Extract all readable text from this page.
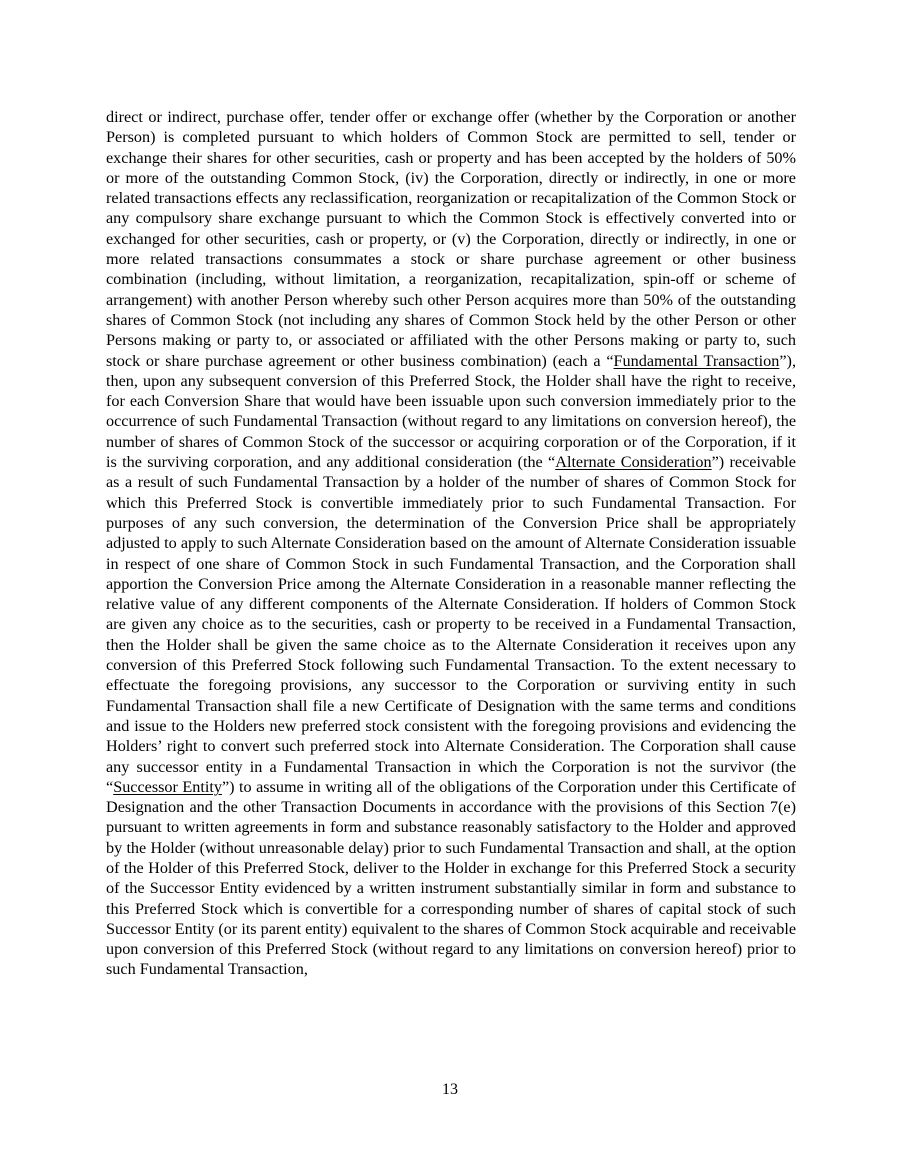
direct or indirect, purchase offer, tender offer or exchange offer (whether by the Corporation or another Person) is completed pursuant to which holders of Common Stock are permitted to sell, tender or exchange their shares for other securities, cash or property and has been accepted by the holders of 50% or more of the outstanding Common Stock, (iv) the Corporation, directly or indirectly, in one or more related transactions effects any reclassification, reorganization or recapitalization of the Common Stock or any compulsory share exchange pursuant to which the Common Stock is effectively converted into or exchanged for other securities, cash or property, or (v) the Corporation, directly or indirectly, in one or more related transactions consummates a stock or share purchase agreement or other business combination (including, without limitation, a reorganization, recapitalization, spin-off or scheme of arrangement) with another Person whereby such other Person acquires more than 50% of the outstanding shares of Common Stock (not including any shares of Common Stock held by the other Person or other Persons making or party to, or associated or affiliated with the other Persons making or party to, such stock or share purchase agreement or other business combination) (each a “Fundamental Transaction”), then, upon any subsequent conversion of this Preferred Stock, the Holder shall have the right to receive, for each Conversion Share that would have been issuable upon such conversion immediately prior to the occurrence of such Fundamental Transaction (without regard to any limitations on conversion hereof), the number of shares of Common Stock of the successor or acquiring corporation or of the Corporation, if it is the surviving corporation, and any additional consideration (the “Alternate Consideration”) receivable as a result of such Fundamental Transaction by a holder of the number of shares of Common Stock for which this Preferred Stock is convertible immediately prior to such Fundamental Transaction. For purposes of any such conversion, the determination of the Conversion Price shall be appropriately adjusted to apply to such Alternate Consideration based on the amount of Alternate Consideration issuable in respect of one share of Common Stock in such Fundamental Transaction, and the Corporation shall apportion the Conversion Price among the Alternate Consideration in a reasonable manner reflecting the relative value of any different components of the Alternate Consideration. If holders of Common Stock are given any choice as to the securities, cash or property to be received in a Fundamental Transaction, then the Holder shall be given the same choice as to the Alternate Consideration it receives upon any conversion of this Preferred Stock following such Fundamental Transaction. To the extent necessary to effectuate the foregoing provisions, any successor to the Corporation or surviving entity in such Fundamental Transaction shall file a new Certificate of Designation with the same terms and conditions and issue to the Holders new preferred stock consistent with the foregoing provisions and evidencing the Holders’ right to convert such preferred stock into Alternate Consideration. The Corporation shall cause any successor entity in a Fundamental Transaction in which the Corporation is not the survivor (the “Successor Entity”) to assume in writing all of the obligations of the Corporation under this Certificate of Designation and the other Transaction Documents in accordance with the provisions of this Section 7(e) pursuant to written agreements in form and substance reasonably satisfactory to the Holder and approved by the Holder (without unreasonable delay) prior to such Fundamental Transaction and shall, at the option of the Holder of this Preferred Stock, deliver to the Holder in exchange for this Preferred Stock a security of the Successor Entity evidenced by a written instrument substantially similar in form and substance to this Preferred Stock which is convertible for a corresponding number of shares of capital stock of such Successor Entity (or its parent entity) equivalent to the shares of Common Stock acquirable and receivable upon conversion of this Preferred Stock (without regard to any limitations on conversion hereof) prior to such Fundamental Transaction,

13
